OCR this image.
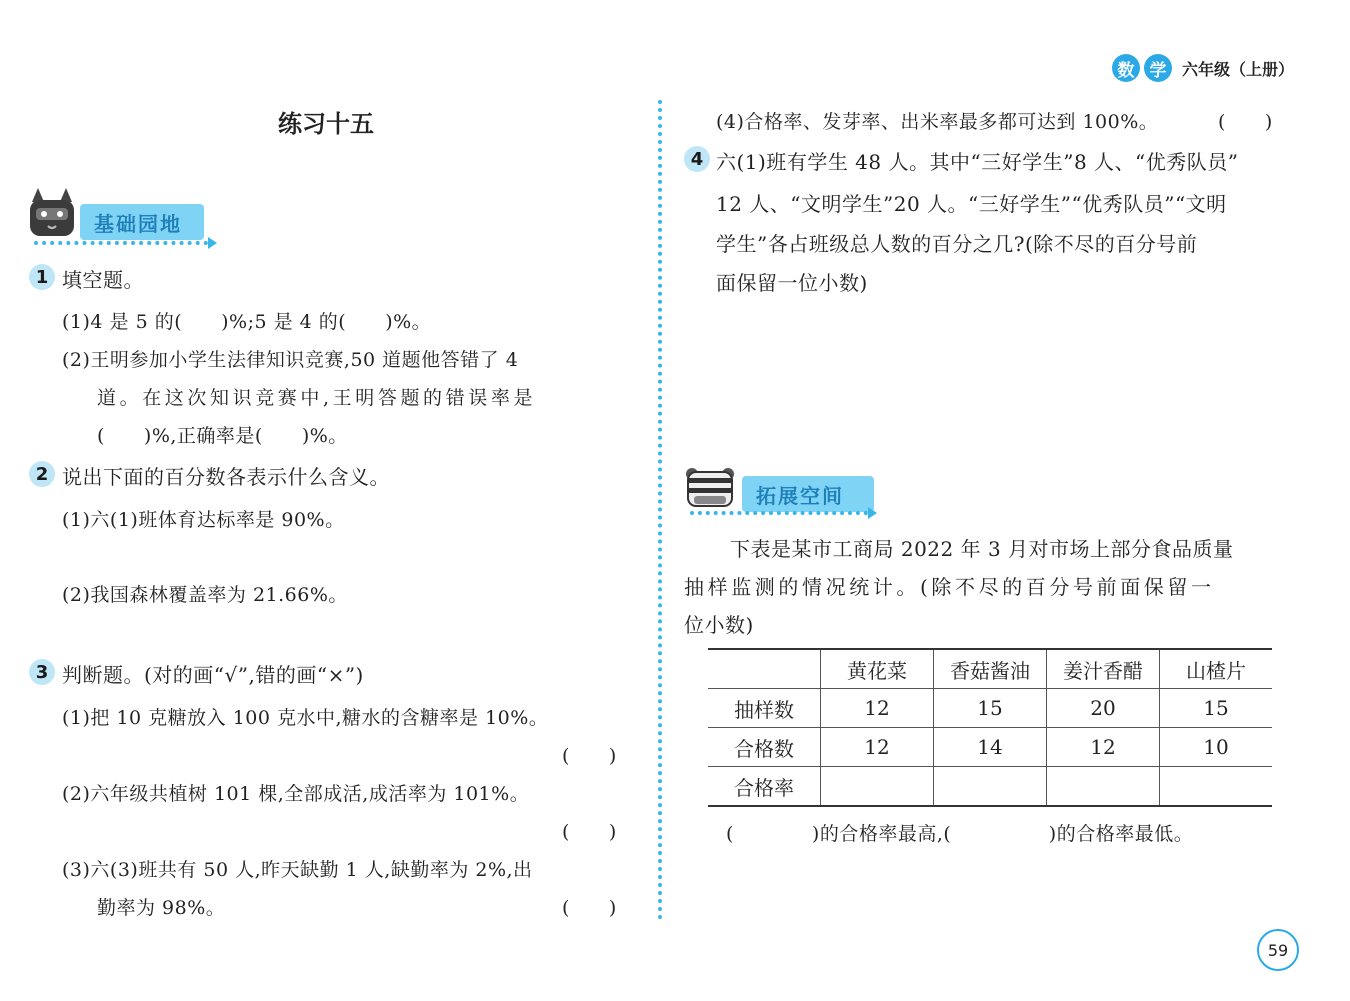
数 学 六年级（上册）
练习十五
基础园地
1 填空题。
(1)4 是 5 的(　　)%;5 是 4 的(　　)%。
(2)王明参加小学生法律知识竞赛,50 道题他答错了 4
道。在这次知识竞赛中,王明答题的错误率是
(　　)%,正确率是(　　)%。
2 说出下面的百分数各表示什么含义。
(1)六(1)班体育达标率是 90%。
(2)我国森林覆盖率为 21.66%。
3 判断题。(对的画“√”,错的画“×”)
(1)把 10 克糖放入 100 克水中,糖水的含糖率是 10%。
(　　)
(2)六年级共植树 101 棵,全部成活,成活率为 101%。
(　　)
(3)六(3)班共有 50 人,昨天缺勤 1 人,缺勤率为 2%,出
勤率为 98%。	(　　)
(4)合格率、发芽率、出米率最多都可达到 100%。	(　　)
4 六(1)班有学生 48 人。其中“三好学生”8 人、“优秀队员”
12 人、“文明学生”20 人。“三好学生”“优秀队员”“文明
学生”各占班级总人数的百分之几?(除不尽的百分号前
面保留一位小数)
拓展空间
下表是某市工商局 2022 年 3 月对市场上部分食品质量
抽样监测的情况统计。(除不尽的百分号前面保留一
位小数)
	黄花菜	香菇酱油	姜汁香醋	山楂片
抽样数	12	15	20	15
合格数	12	14	12	10
合格率				
(　　　　)的合格率最高,(　　　　　)的合格率最低。
59
